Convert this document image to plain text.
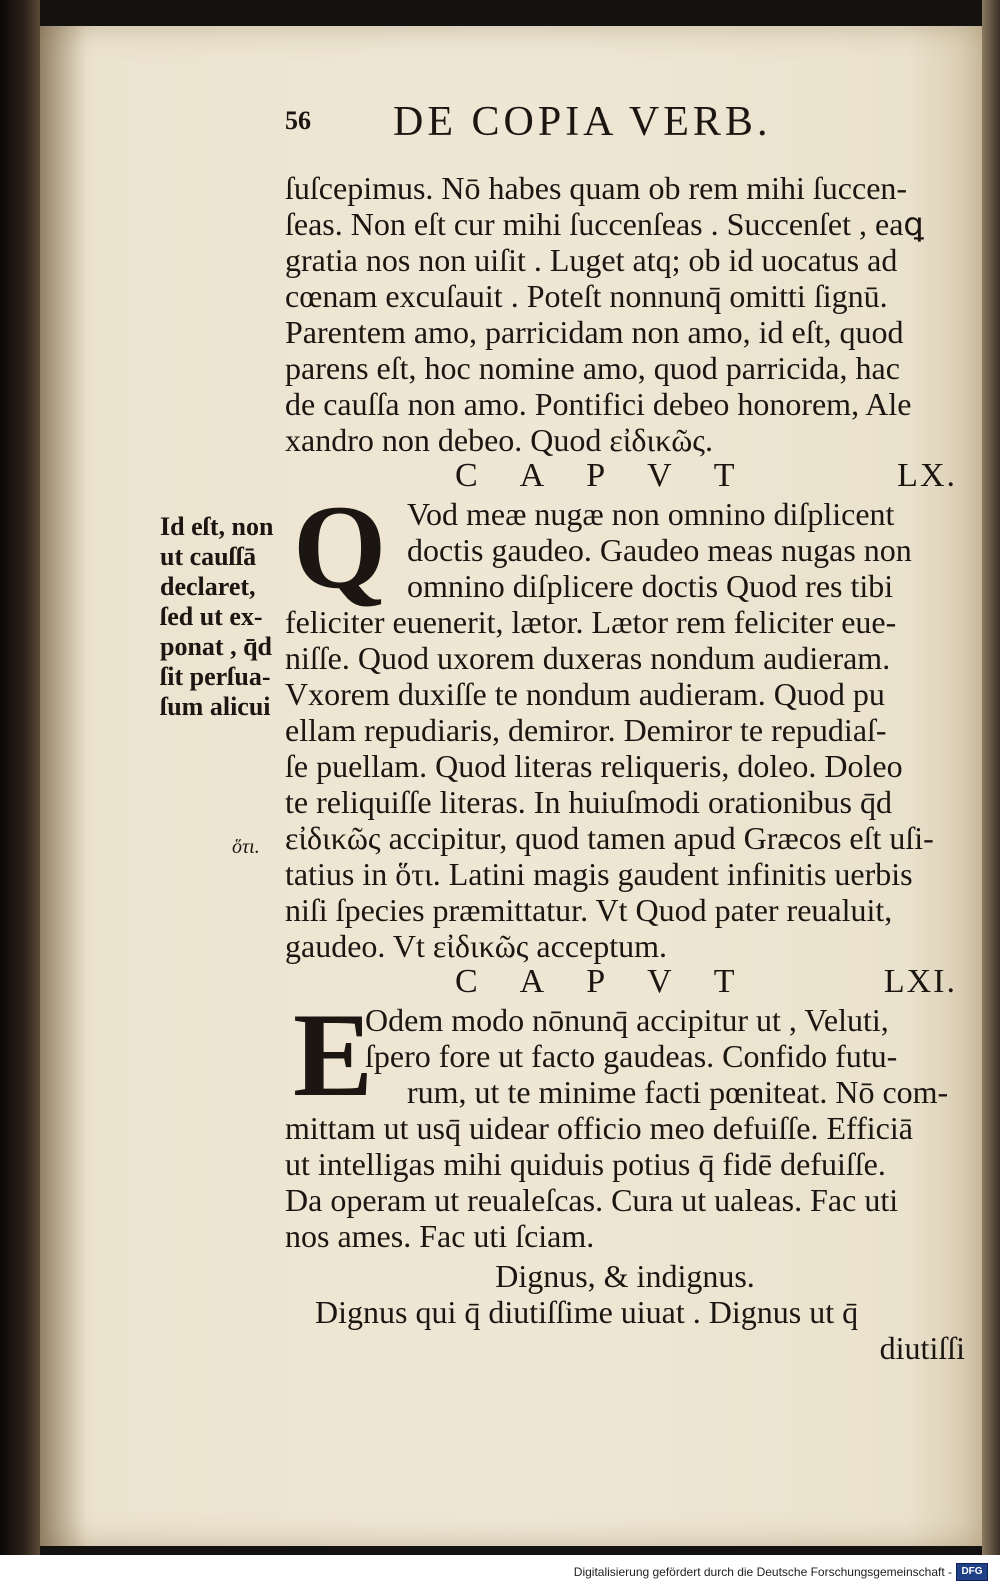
56 DE COPIA VERB.
Id eſt, non
ut cauſſā
declaret,
ſed ut ex-
ponat , q̄d
ſit perſua-
ſum alicui
ὅτι.
ſuſcepimus. Nō habes quam ob rem mihi ſuccen-
ſeas. Non eſt cur mihi ſuccenſeas . Succenſet , eaꝗ
gratia nos non uiſit . Luget atq; ob id uocatus ad
cœnam excuſauit . Poteſt nonnunq̄ omitti ſignū.
Parentem amo, parricidam non amo, id eſt, quod
parens eſt, hoc nomine amo, quod parricida, hac
de cauſſa non amo. Pontifici debeo honorem, Ale
xandro non debeo. Quod εἰδικῶς.
CAPVT	LX.
Q Vod meæ nugæ non omnino diſplicent
doctis gaudeo. Gaudeo meas nugas non
omnino diſplicere doctis Quod res tibi
feliciter euenerit, lætor. Lætor rem feliciter eue-
niſſe. Quod uxorem duxeras nondum audieram.
Vxorem duxiſſe te nondum audieram. Quod pu
ellam repudiaris, demiror. Demiror te repudiaſ-
ſe puellam. Quod literas reliqueris, doleo. Doleo
te reliquiſſe literas. In huiuſmodi orationibus q̄d
εἰδικῶς accipitur, quod tamen apud Græcos eſt uſi-
tatius in ὅτι. Latini magis gaudent infinitis uerbis
niſi ſpecies præmittatur. Vt Quod pater reualuit,
gaudeo. Vt εἰδικῶς acceptum.
CAPVT	LXI.
E
Odem modo nōnunq̄ accipitur ut , Veluti,
ſpero fore ut facto gaudeas. Confido futu-
rum, ut te minime facti pœniteat. Nō com-
mittam ut usq̄ uidear officio meo defuiſſe. Efficiā
ut intelligas mihi quiduis potius q̄ fidē defuiſſe.
Da operam ut reualeſcas. Cura ut ualeas. Fac uti
nos ames. Fac uti ſciam.
Dignus, & indignus.
Dignus qui q̄ diutiſſime uiuat . Dignus ut q̄
diutiſſi
Digitalisierung gefördert durch die Deutsche Forschungsgemeinschaft - DFG
